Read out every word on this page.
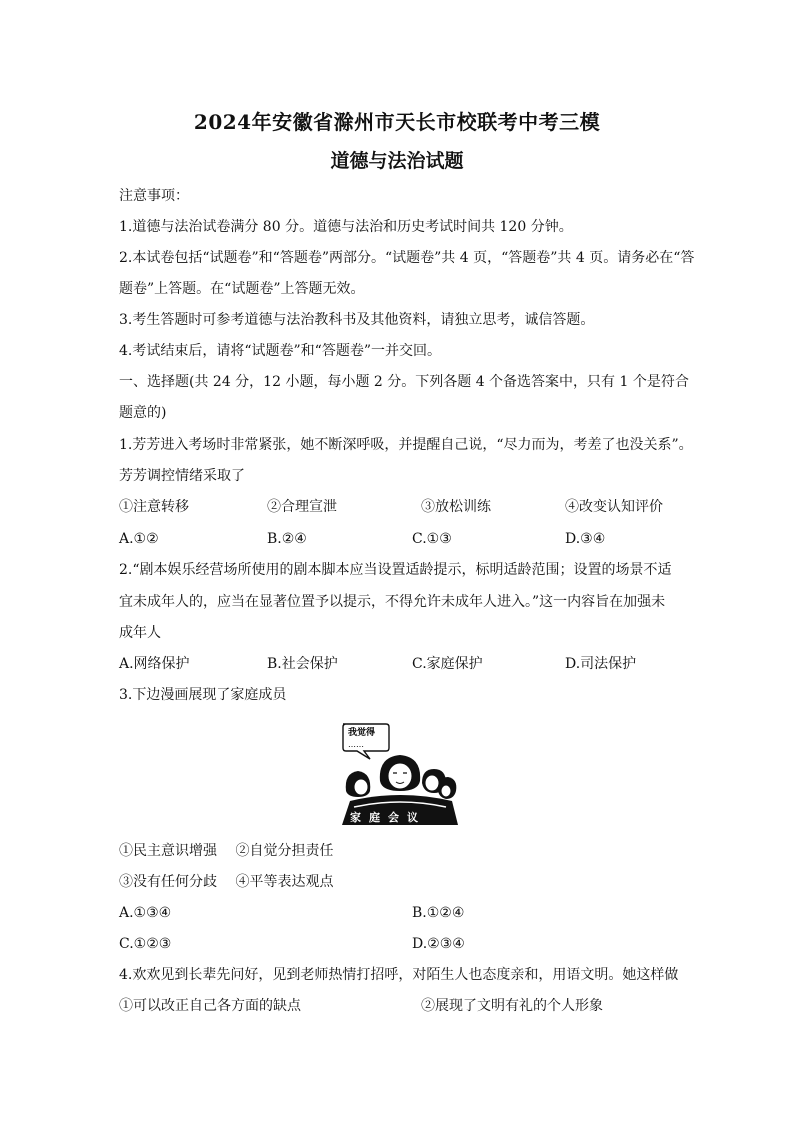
2024年安徽省滁州市天长市校联考中考三模
道德与法治试题
注意事项：
1.道德与法治试卷满分 80 分。道德与法治和历史考试时间共 120 分钟。
2.本试卷包括“试题卷”和“答题卷”两部分。“试题卷”共 4 页，“答题卷”共 4 页。请务必在“答
题卷”上答题。在“试题卷”上答题无效。
3.考生答题时可参考道德与法治教科书及其他资料，请独立思考，诚信答题。
4.考试结束后，请将“试题卷”和“答题卷”一并交回。
一、选择题(共 24 分，12 小题，每小题 2 分。下列各题 4 个备选答案中，只有 1 个是符合
题意的)
1.芳芳进入考场时非常紧张，她不断深呼吸，并提醒自己说，“尽力而为，考差了也没关系”。
芳芳调控情绪采取了
①注意转移	②合理宣泄	③放松训练	④改变认知评价
A.①②	B.②④	C.①③	D.③④
2.“剧本娱乐经营场所使用的剧本脚本应当设置适龄提示，标明适龄范围；设置的场景不适
宜未成年人的，应当在显著位置予以提示，不得允许未成年人进入。”这一内容旨在加强未
成年人
A.网络保护	B.社会保护	C.家庭保护	D.司法保护
3.下边漫画展现了家庭成员
我觉得
……
家庭会议
①民主意识增强　 ②自觉分担责任
③没有任何分歧　 ④平等表达观点
A.①③④	B.①②④
C.①②③	D.②③④
4.欢欢见到长辈先问好，见到老师热情打招呼，对陌生人也态度亲和，用语文明。她这样做
①可以改正自己各方面的缺点	②展现了文明有礼的个人形象
